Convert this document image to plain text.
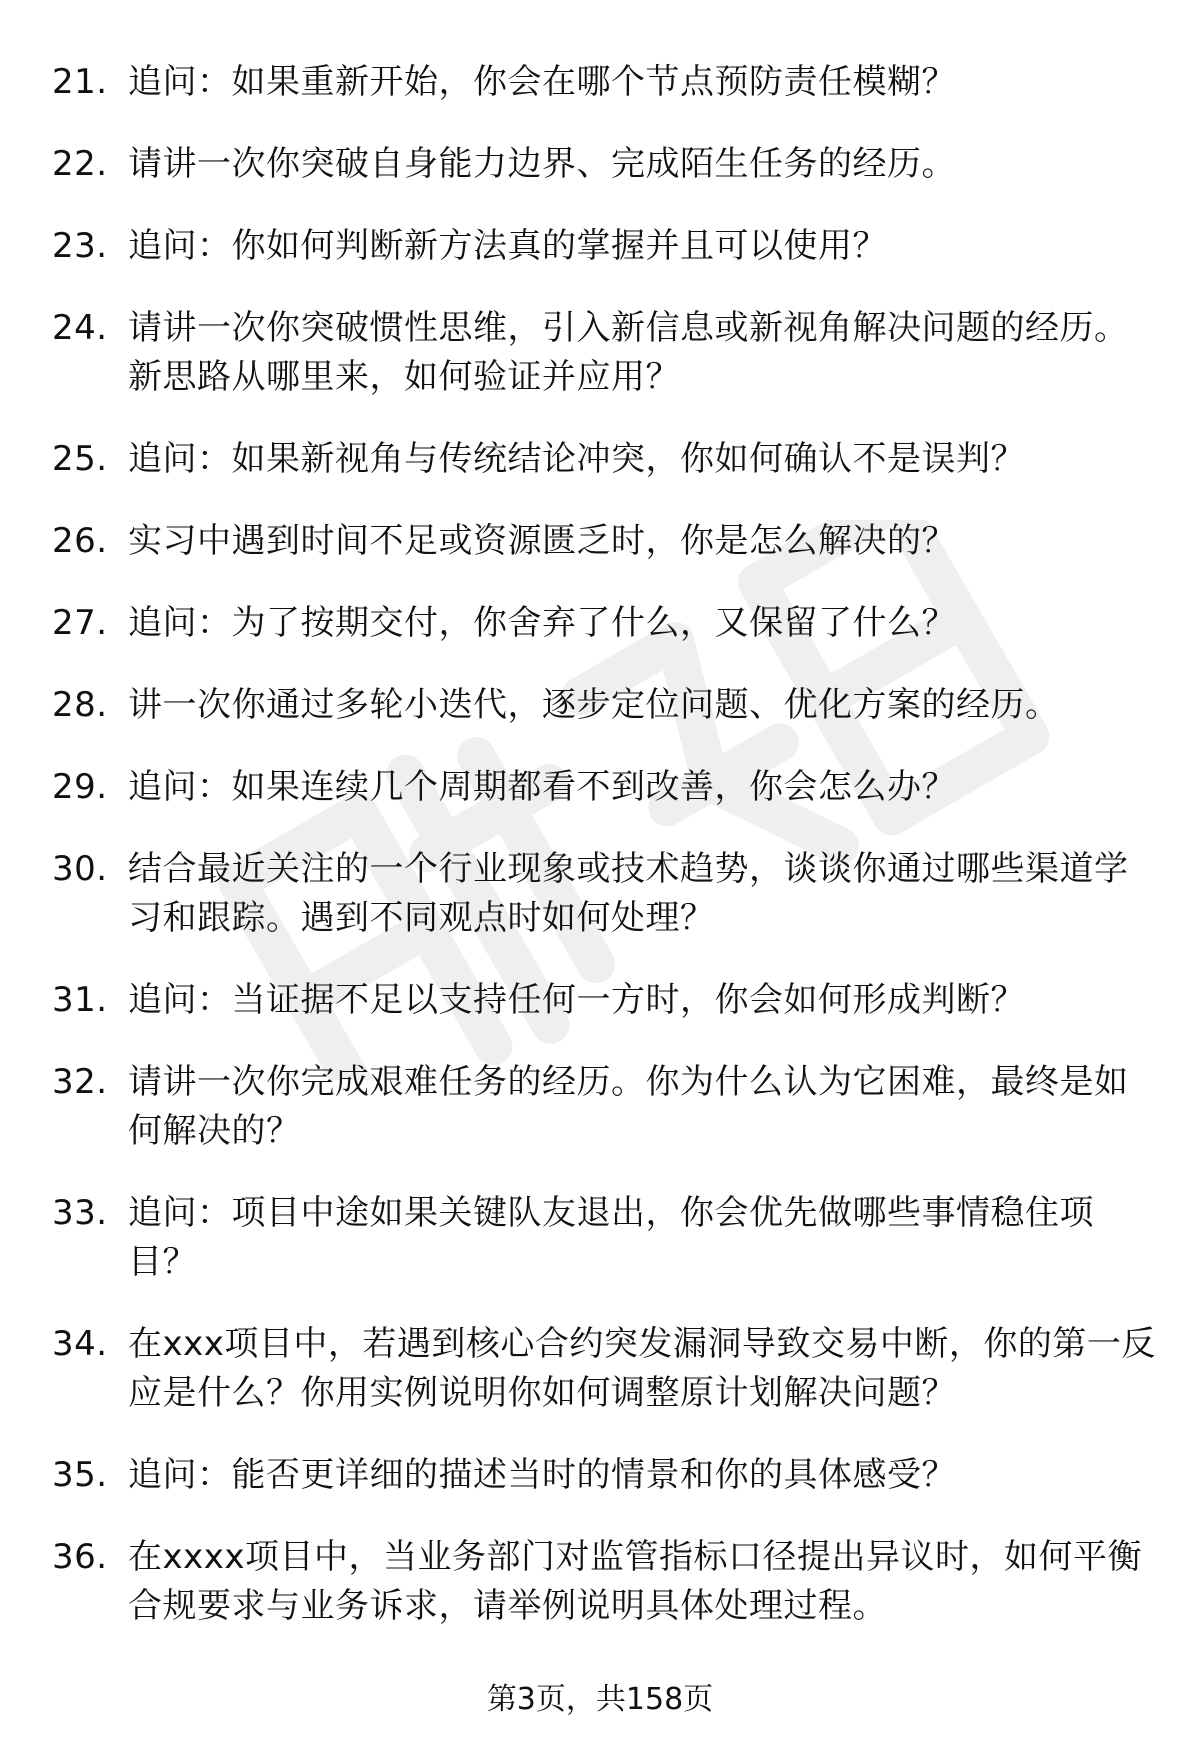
21. 追问：如果重新开始，你会在哪个节点预防责任模糊？
22. 请讲一次你突破自身能力边界、完成陌生任务的经历。
23. 追问：你如何判断新方法真的掌握并且可以使用？
24. 请讲一次你突破惯性思维，引入新信息或新视角解决问题的经历。新思路从哪里来，如何验证并应用？
25. 追问：如果新视角与传统结论冲突，你如何确认不是误判？
26. 实习中遇到时间不足或资源匮乏时，你是怎么解决的？
27. 追问：为了按期交付，你舍弃了什么，又保留了什么？
28. 讲一次你通过多轮小迭代，逐步定位问题、优化方案的经历。
29. 追问：如果连续几个周期都看不到改善，你会怎么办？
30. 结合最近关注的一个行业现象或技术趋势，谈谈你通过哪些渠道学习和跟踪。遇到不同观点时如何处理？
31. 追问：当证据不足以支持任何一方时，你会如何形成判断？
32. 请讲一次你完成艰难任务的经历。你为什么认为它困难，最终是如何解决的？
33. 追问：项目中途如果关键队友退出，你会优先做哪些事情稳住项目？
34. 在xxx项目中，若遇到核心合约突发漏洞导致交易中断，你的第一反应是什么？你用实例说明你如何调整原计划解决问题？
35. 追问：能否更详细的描述当时的情景和你的具体感受？
36. 在xxxx项目中，当业务部门对监管指标口径提出异议时，如何平衡合规要求与业务诉求，请举例说明具体处理过程。
第3页，共158页
